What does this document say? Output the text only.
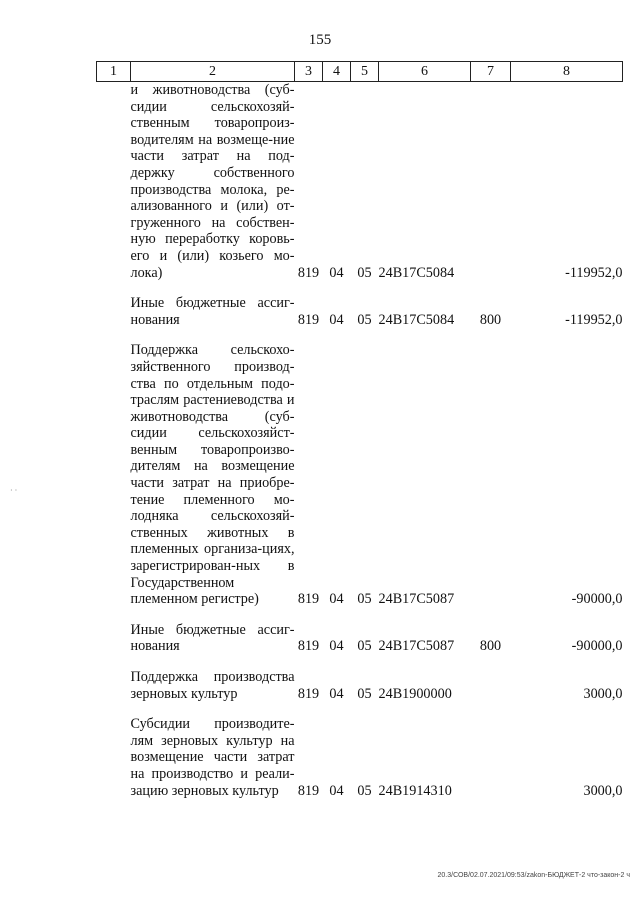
155
1	2	3	4	5	6	7	8
	и животноводства (суб-сидии сельскохозяй-ственным товаропроиз-водителям на возмеще-ние части затрат на под-держку собственного производства молока, ре-ализованного и (или) от-груженного на собствен-ную переработку коровь-его и (или) козьего мо-лока)	819	04	05	24В17С5084		-119952,0

	Иные бюджетные ассиг-нования	819	04	05	24В17С5084	800	-119952,0

	Поддержка сельскохо-зяйственного производ-ства по отдельным подо-траслям растениеводства и животноводства (суб-сидии сельскохозяйст-венным товаропроизво-дителям на возмещение части затрат на приобре-тение племенного мо-лодняка сельскохозяй-ственных животных в племенных организа-циях, зарегистрирован-ных в Государственном племенном регистре)	819	04	05	24В17С5087		-90000,0

	Иные бюджетные ассиг-нования	819	04	05	24В17С5087	800	-90000,0

	Поддержка производства зерновых культур	819	04	05	24В1900000		3000,0

	Субсидии производите-лям зерновых культур на возмещение части затрат на производство и реали-зацию зерновых культур	819	04	05	24В1914310		3000,0
· ·
20.3/СОВ/02.07.2021/09:53/zakon-БЮДЖЕТ-2 что-закон-2 ч
